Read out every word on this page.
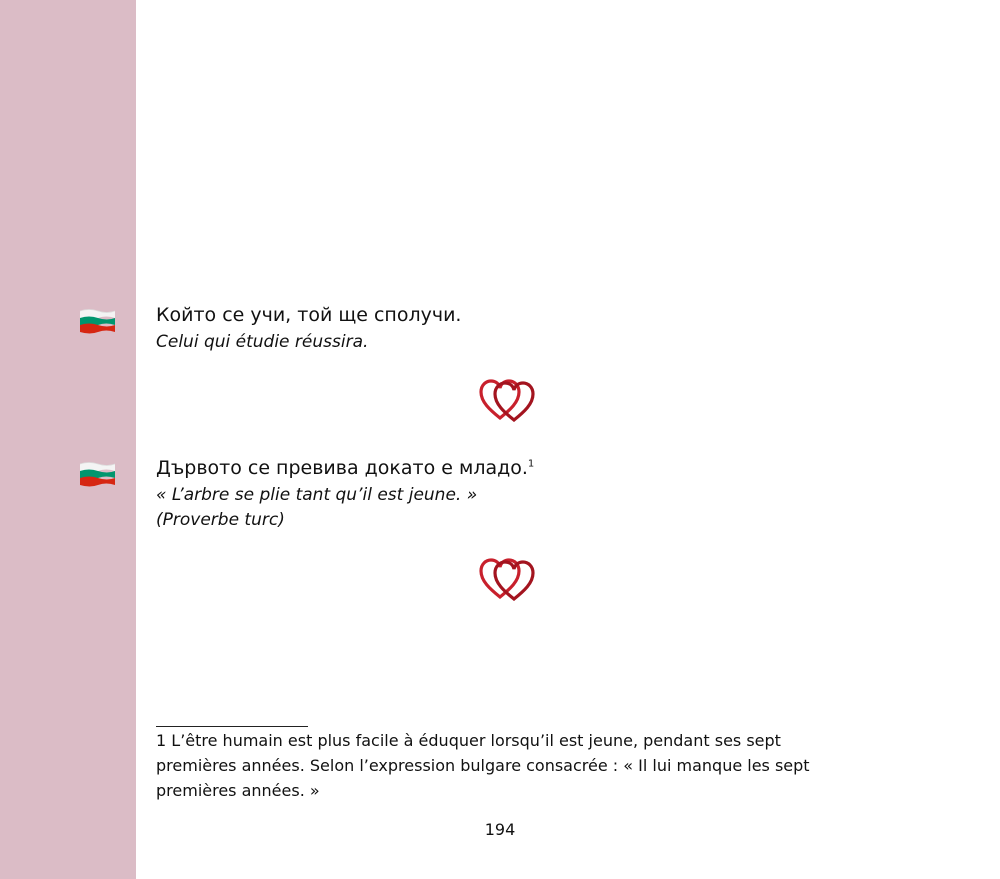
Който се учи, той ще сполучи.
Celui qui étudie réussira.
Дървото се превива докато е младо.$^1$
« L’arbre se plie tant qu’il est jeune. »
(Proverbe turc)
1 L’être humain est plus facile à éduquer lorsqu’il est jeune, pendant ses sept premières années. Selon l’expression bulgare consacrée : « Il lui manque les sept premières années. »
194
